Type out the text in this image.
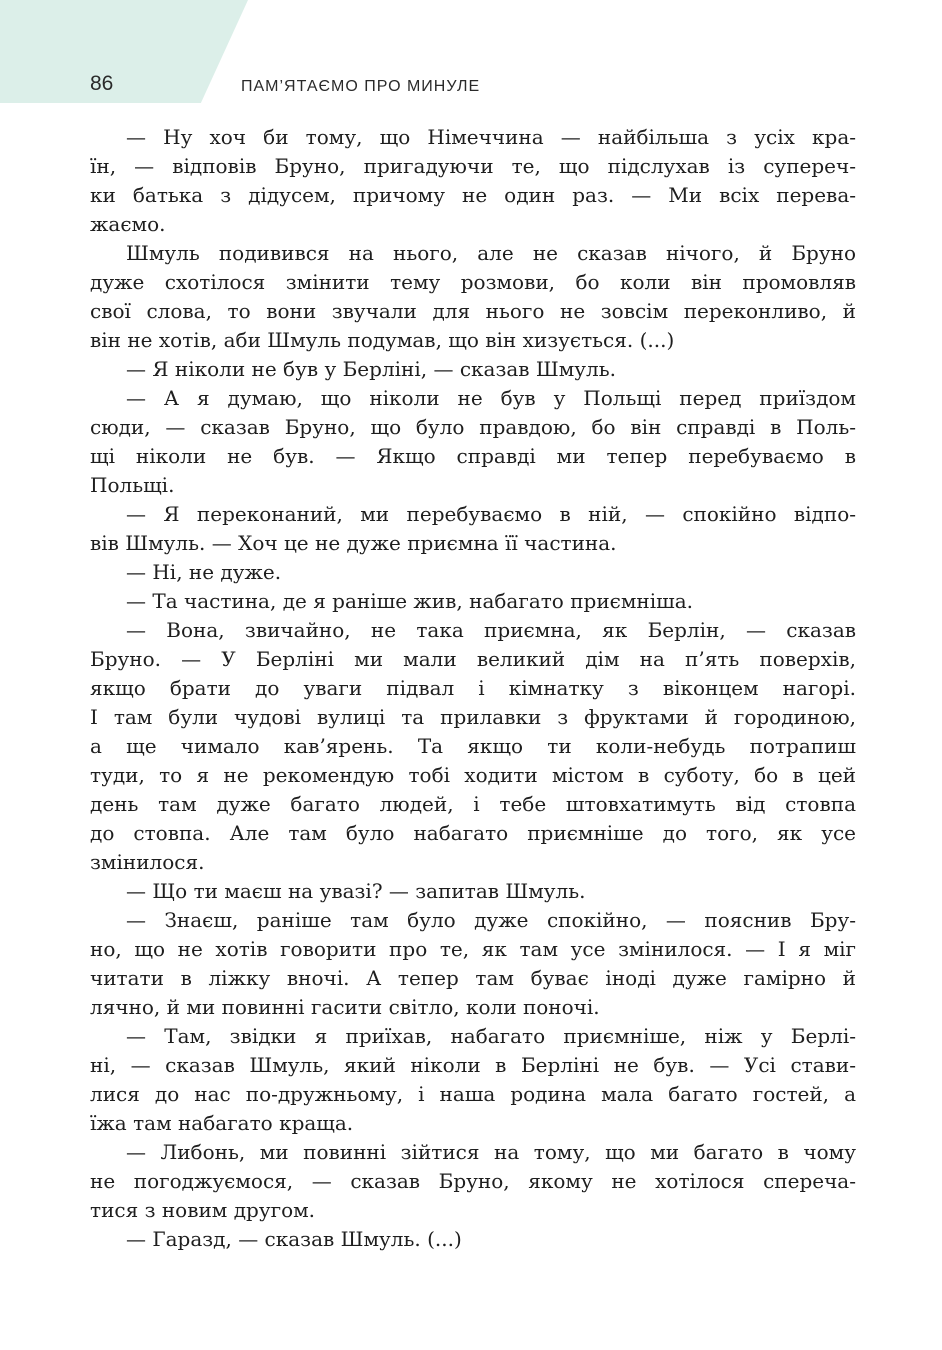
86	ПАМ’ЯТАЄМО ПРО МИНУЛЕ

— Ну хоч би тому, що Німеччина — найбільша з усіх кра-
їн, — відповів Бруно, пригадуючи те, що підслухав із супереч-
ки батька з дідусем, причому не один раз. — Ми всіх перева-
жаємо.

Шмуль подивився на нього, але не сказав нічого, й Бруно
дуже схотілося змінити тему розмови, бо коли він промовляв
свої слова, то вони звучали для нього не зовсім переконливо, й
він не хотів, аби Шмуль подумав, що він хизується. (...)

— Я ніколи не був у Берліні, — сказав Шмуль.

— А я думаю, що ніколи не був у Польщі перед приїздом
сюди, — сказав Бруно, що було правдою, бо він справді в Поль-
щі ніколи не був. — Якщо справді ми тепер перебуваємо в
Польщі.

— Я переконаний, ми перебуваємо в ній, — спокійно відпо-
вів Шмуль. — Хоч це не дуже приємна її частина.

— Ні, не дуже.

— Та частина, де я раніше жив, набагато приємніша.

— Вона, звичайно, не така приємна, як Берлін, — сказав
Бруно. — У Берліні ми мали великий дім на п’ять поверхів,
якщо брати до уваги підвал і кімнатку з віконцем нагорі.
І там були чудові вулиці та прилавки з фруктами й городиною,
а ще чимало кав’ярень. Та якщо ти коли-небудь потрапиш
туди, то я не рекомендую тобі ходити містом в суботу, бо в цей
день там дуже багато людей, і тебе штовхатимуть від стовпа
до стовпа. Але там було набагато приємніше до того, як усе
змінилося.

— Що ти маєш на увазі? — запитав Шмуль.

— Знаєш, раніше там було дуже спокійно, — пояснив Бру-
но, що не хотів говорити про те, як там усе змінилося. — І я міг
читати в ліжку вночі. А тепер там буває іноді дуже гамірно й
лячно, й ми повинні гасити світло, коли поночі.

— Там, звідки я приїхав, набагато приємніше, ніж у Берлі-
ні, — сказав Шмуль, який ніколи в Берліні не був. — Усі стави-
лися до нас по-дружньому, і наша родина мала багато гостей, а
їжа там набагато краща.

— Либонь, ми повинні зійтися на тому, що ми багато в чому
не погоджуємося, — сказав Бруно, якому не хотілося сперeча-
тися з новим другом.

— Гаразд, — сказав Шмуль. (...)
